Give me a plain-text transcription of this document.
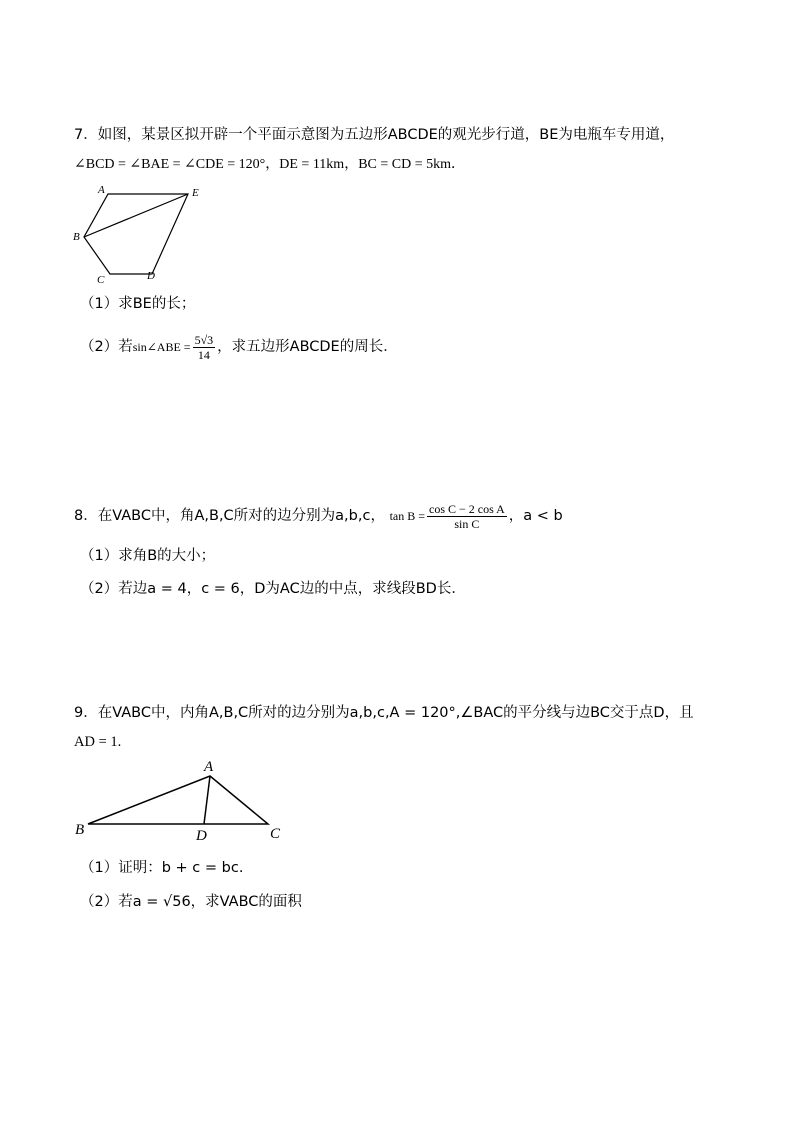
7．如图，某景区拟开辟一个平面示意图为五边形ABCDE的观光步行道，BE为电瓶车专用道，
∠BCD = ∠BAE = ∠CDE = 120°，DE = 11km，BC = CD = 5km．
A	E
B
C	D
（1）求BE的长；
（2）若sin∠ABE = $\frac{5√3}{14}$ ，求五边形ABCDE的周长．
8．在VABC中，角A,B,C所对的边分别为a,b,c， $\tan B = \frac{\text{cos C − 2 cos A}}{\text{sin C}}$ ，a < b
（1）求角B的大小；
（2）若边a = 4，c = 6，D为AC边的中点，求线段BD长．
9．在VABC中，内角A,B,C所对的边分别为a,b,c,A = 120°,∠BAC的平分线与边BC交于点D，且
AD = 1.
A
B	D	C
（1）证明：b + c = bc.
（2）若a = √56，求VABC的面积
